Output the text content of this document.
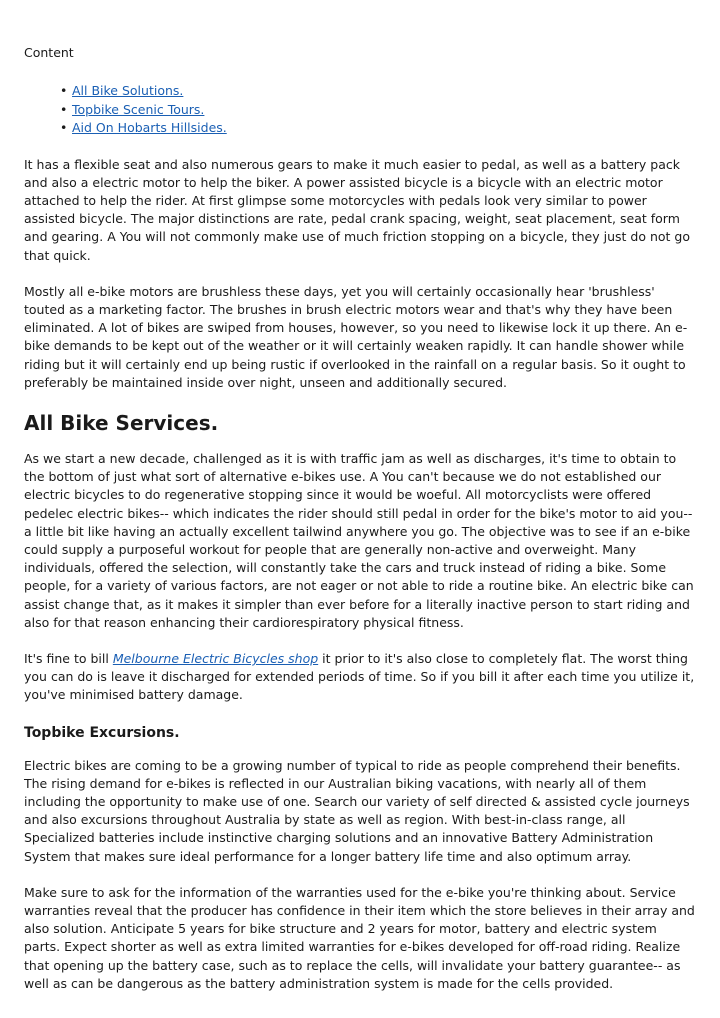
Content
• All Bike Solutions.
• Topbike Scenic Tours.
• Aid On Hobarts Hillsides.

It has a flexible seat and also numerous gears to make it much easier to pedal, as well as a battery pack and also a electric motor to help the biker. A power assisted bicycle is a bicycle with an electric motor attached to help the rider. At first glimpse some motorcycles with pedals look very similar to power assisted bicycle. The major distinctions are rate, pedal crank spacing, weight, seat placement, seat form and gearing. A You will not commonly make use of much friction stopping on a bicycle, they just do not go that quick.

Mostly all e-bike motors are brushless these days, yet you will certainly occasionally hear 'brushless' touted as a marketing factor. The brushes in brush electric motors wear and that's why they have been eliminated. A lot of bikes are swiped from houses, however, so you need to likewise lock it up there. An e-bike demands to be kept out of the weather or it will certainly weaken rapidly. It can handle shower while riding but it will certainly end up being rustic if overlooked in the rainfall on a regular basis. So it ought to preferably be maintained inside over night, unseen and additionally secured.

All Bike Services.

As we start a new decade, challenged as it is with traffic jam as well as discharges, it's time to obtain to the bottom of just what sort of alternative e-bikes use. A You can't because we do not established our electric bicycles to do regenerative stopping since it would be woeful. All motorcyclists were offered pedelec electric bikes-- which indicates the rider should still pedal in order for the bike's motor to aid you-- a little bit like having an actually excellent tailwind anywhere you go. The objective was to see if an e-bike could supply a purposeful workout for people that are generally non-active and overweight. Many individuals, offered the selection, will constantly take the cars and truck instead of riding a bike. Some people, for a variety of various factors, are not eager or not able to ride a routine bike. An electric bike can assist change that, as it makes it simpler than ever before for a literally inactive person to start riding and also for that reason enhancing their cardiorespiratory physical fitness.

It's fine to bill Melbourne Electric Bicycles shop it prior to it's also close to completely flat. The worst thing you can do is leave it discharged for extended periods of time. So if you bill it after each time you utilize it, you've minimised battery damage.

Topbike Excursions.

Electric bikes are coming to be a growing number of typical to ride as people comprehend their benefits. The rising demand for e-bikes is reflected in our Australian biking vacations, with nearly all of them including the opportunity to make use of one. Search our variety of self directed & assisted cycle journeys and also excursions throughout Australia by state as well as region. With best-in-class range, all Specialized batteries include instinctive charging solutions and an innovative Battery Administration System that makes sure ideal performance for a longer battery life time and also optimum array.

Make sure to ask for the information of the warranties used for the e-bike you're thinking about. Service warranties reveal that the producer has confidence in their item which the store believes in their array and also solution. Anticipate 5 years for bike structure and 2 years for motor, battery and electric system parts. Expect shorter as well as extra limited warranties for e-bikes developed for off-road riding. Realize that opening up the battery case, such as to replace the cells, will invalidate your battery guarantee-- as well as can be dangerous as the battery administration system is made for the cells provided.
